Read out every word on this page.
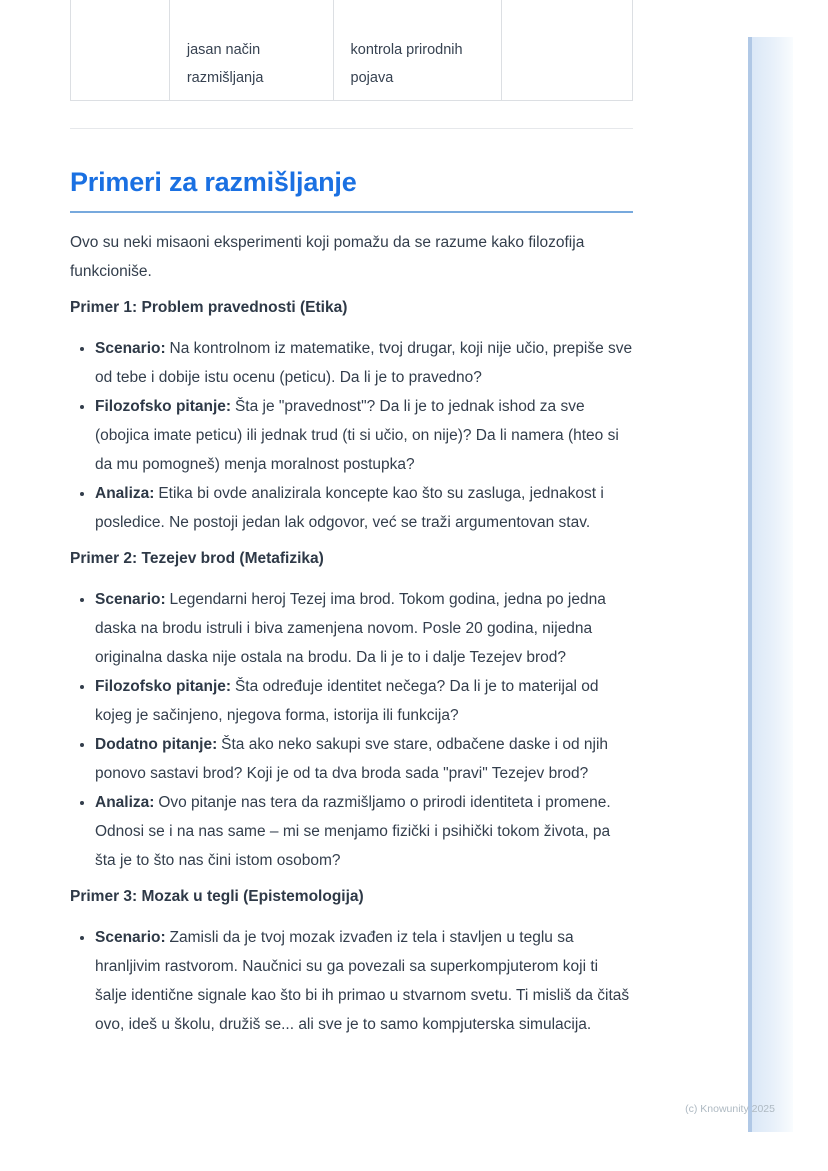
jasan način razmišljanja
kontrola prirodnih pojava
Primeri za razmišljanje

Ovo su neki misaoni eksperimenti koji pomažu da se razume kako filozofija funkcioniše.

Primer 1: Problem pravednosti (Etika)
• Scenario: Na kontrolnom iz matematike, tvoj drugar, koji nije učio, prepiše sve od tebe i dobije istu ocenu (peticu). Da li je to pravedno?
• Filozofsko pitanje: Šta je "pravednost"? Da li je to jednak ishod za sve (obojica imate peticu) ili jednak trud (ti si učio, on nije)? Da li namera (hteo si da mu pomogneš) menja moralnost postupka?
• Analiza: Etika bi ovde analizirala koncepte kao što su zasluga, jednakost i posledice. Ne postoji jedan lak odgovor, već se traži argumentovan stav.
Primer 2: Tezejev brod (Metafizika)
• Scenario: Legendarni heroj Tezej ima brod. Tokom godina, jedna po jedna daska na brodu istruli i biva zamenjena novom. Posle 20 godina, nijedna originalna daska nije ostala na brodu. Da li je to i dalje Tezejev brod?
• Filozofsko pitanje: Šta određuje identitet nečega? Da li je to materijal od kojeg je sačinjeno, njegova forma, istorija ili funkcija?
• Dodatno pitanje: Šta ako neko sakupi sve stare, odbačene daske i od njih ponovo sastavi brod? Koji je od ta dva broda sada "pravi" Tezejev brod?
• Analiza: Ovo pitanje nas tera da razmišljamo o prirodi identiteta i promene. Odnosi se i na nas same – mi se menjamo fizički i psihički tokom života, pa šta je to što nas čini istom osobom?
Primer 3: Mozak u tegli (Epistemologija)
• Scenario: Zamisli da je tvoj mozak izvađen iz tela i stavljen u teglu sa hranljivim rastvorom. Naučnici su ga povezali sa superkompjuterom koji ti šalje identične signale kao što bi ih primao u stvarnom svetu. Ti misliš da čitaš ovo, ideš u školu, družiš se... ali sve je to samo kompjuterska simulacija.
(c) Knowunity 2025
